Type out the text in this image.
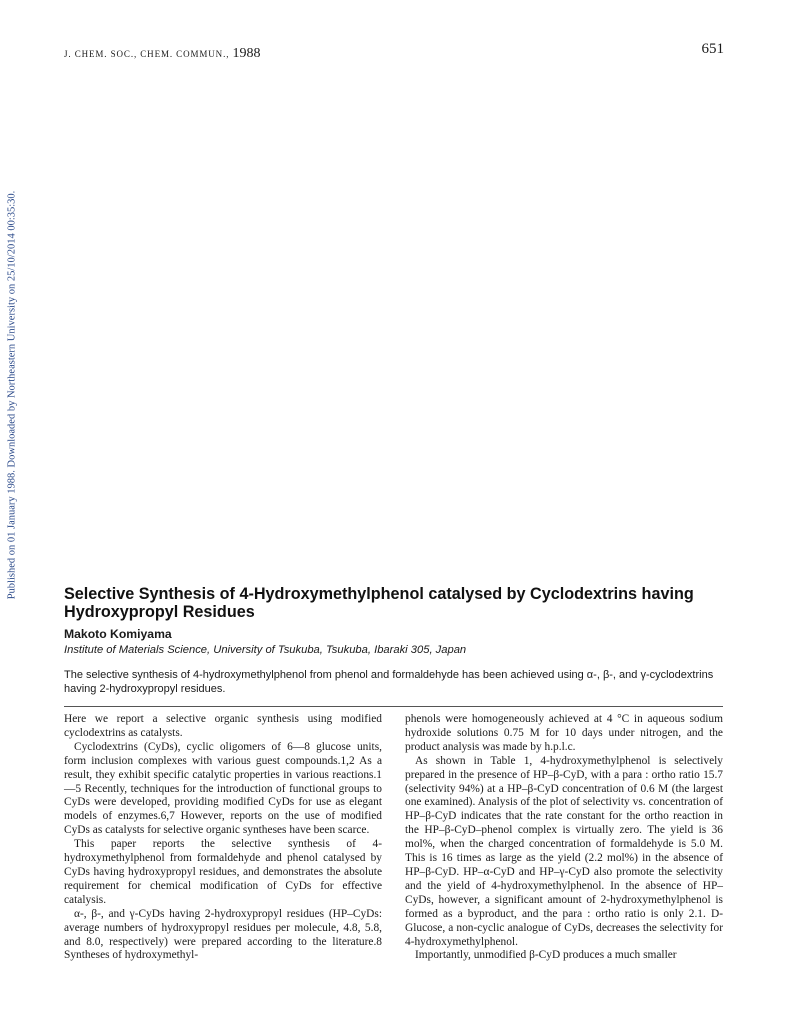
J. CHEM. SOC., CHEM. COMMUN., 1988	651
Published on 01 January 1988. Downloaded by Northeastern University on 25/10/2014 00:35:30.	Selective Synthesis of 4-Hydroxymethylphenol catalysed by Cyclodextrins having Hydroxypropyl Residues
Makoto Komiyama
Institute of Materials Science, University of Tsukuba, Tsukuba, Ibaraki 305, Japan

The selective synthesis of 4-hydroxymethylphenol from phenol and formaldehyde has been achieved using α-, β-, and γ-cyclodextrins having 2-hydroxypropyl residues.

Here we report a selective organic synthesis using modified cyclodextrins as catalysts.

Cyclodextrins (CyDs), cyclic oligomers of 6—8 glucose units, form inclusion complexes with various guest compounds.1,2 As a result, they exhibit specific catalytic properties in various reactions.1—5 Recently, techniques for the introduction of functional groups to CyDs were developed, providing modified CyDs for use as elegant models of enzymes.6,7 However, reports on the use of modified CyDs as catalysts for selective organic syntheses have been scarce.

This paper reports the selective synthesis of 4-hydroxymethylphenol from formaldehyde and phenol catalysed by CyDs having hydroxypropyl residues, and demonstrates the absolute requirement for chemical modification of CyDs for effective catalysis.

α-, β-, and γ-CyDs having 2-hydroxypropyl residues (HP–CyDs: average numbers of hydroxypropyl residues per molecule, 4.8, 5.8, and 8.0, respectively) were prepared according to the literature.8 Syntheses of hydroxymethyl-

phenols were homogeneously achieved at 4 °C in aqueous sodium hydroxide solutions 0.75 M for 10 days under nitrogen, and the product analysis was made by h.p.l.c.

As shown in Table 1, 4-hydroxymethylphenol is selectively prepared in the presence of HP–β-CyD, with a para : ortho ratio 15.7 (selectivity 94%) at a HP–β-CyD concentration of 0.6 M (the largest one examined). Analysis of the plot of selectivity vs. concentration of HP–β-CyD indicates that the rate constant for the ortho reaction in the HP–β-CyD–phenol complex is virtually zero. The yield is 36 mol%, when the charged concentration of formaldehyde is 5.0 M. This is 16 times as large as the yield (2.2 mol%) in the absence of HP–β-CyD. HP–α-CyD and HP–γ-CyD also promote the selectivity and the yield of 4-hydroxymethylphenol. In the absence of HP–CyDs, however, a significant amount of 2-hydroxymethylphenol is formed as a byproduct, and the para : ortho ratio is only 2.1. D-Glucose, a non-cyclic analogue of CyDs, decreases the selectivity for 4-hydroxymethylphenol.

Importantly, unmodified β-CyD produces a much smaller
